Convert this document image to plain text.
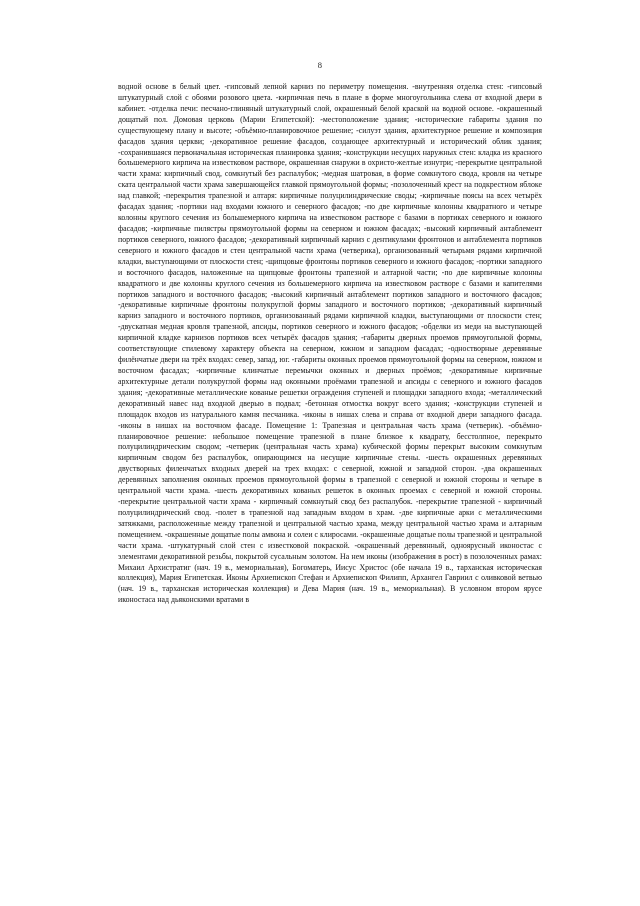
8

водной основе в белый цвет. -гипсовый лепной карниз по периметру помещения. -внутренняя отделка стен: -гипсовый штукатурный слой с обоями розового цвета. -кирпичная печь в плане в форме многоугольника слева от входной двери в кабинет. -отделка печи: песчано-глиняный штукатурный слой, окрашенный белой краской на водной основе. -окрашенный дощатый пол. Домовая церковь (Марии Египетской): -местоположение здания; -исторические габариты здания по существующему плану и высоте; -объёмно-планировочное решение; -силуэт здания, архитектурное решение и композиция фасадов здания церкви; -декоративное решение фасадов, создающее архитектурный и исторический облик здания; -сохранившаяся первоначальная историческая планировка здания; -конструкции несущих наружных стен: кладка из красного большемерного кирпича на известковом растворе, окрашенная снаружи в охристо-желтые изнутри; -перекрытие центральной части храма: кирпичный свод, сомкнутый без распалубок; -медная шатровая, в форме сомкнутого свода, кровля на четыре ската центральной части храма завершающейся главкой прямоугольной формы; -позолоченный крест на подкрестном яблоке над главкой; -перекрытия трапезной и алтаря: кирпичные полуцилиндрические своды; -кирпичные поясы на всех четырёх фасадах здания; -портики над входами южного и северного фасадов; -по две кирпичные колонны квадратного и четыре колонны круглого сечения из большемерного кирпича на известковом растворе с базами в портиках северного и южного фасадов; -кирпичные пилястры прямоугольной формы на северном и южном фасадах; -высокий кирпичный антаблемент портиков северного, южного фасадов; -декоративный кирпичный карниз с дентикулами фронтонов и антаблемента портиков северного и южного фасадов и стен центральной части храма (четверика), организованный четырьмя рядами кирпичной кладки, выступающими от плоскости стен; -щипцовые фронтоны портиков северного и южного фасадов; -портики западного и восточного фасадов, наложенные на щипцовые фронтоны трапезной и алтарной части; -по две кирпичные колонны квадратного и две колонны круглого сечения из большемерного кирпича на известковом растворе с базами и капителями портиков западного и восточного фасадов; -высокий кирпичный антаблемент портиков западного и восточного фасадов; -декоративные кирпичные фронтоны полукруглой формы западного и восточного портиков; -декоративный кирпичный карниз западного и восточного портиков, организованный рядами кирпичной кладки, выступающими от плоскости стен; -двускатная медная кровля трапезной, апсиды, портиков северного и южного фасадов; -обделки из меди на выступающей кирпичной кладке карнизов портиков всех четырёх фасадов здания; -габариты дверных проемов прямоугольной формы, соответствующие стилевому характеру объекта на северном, южном и западном фасадах; -одностворные деревянные филёнчатые двери на трёх входах: север, запад, юг. -габариты оконных проемов прямоугольной формы на северном, южном и восточном фасадах; -кирпичные клинчатые перемычки оконных и дверных проёмов; -декоративные кирпичные архитектурные детали полукруглой формы над оконными проёмами трапезной и апсиды с северного и южного фасадов здания; -декоративные металлические кованые решетки ограждения ступеней и площадки западного входа; -металлический декоративный навес над входной дверью в подвал; -бетонная отмостка вокруг всего здания; -конструкции ступеней и площадок входов из натурального камня песчаника. -иконы в нишах слева и справа от входной двери западного фасада. -иконы в нишах на восточном фасаде. Помещение 1: Трапезная и центральная часть храма (четверик). -объёмно-планировочное решение: небольшое помещение трапезной в плане близкое к квадрату, бесстолпное, перекрыто полуцилиндрическим сводом; -четверик (центральная часть храма) кубической формы перекрыт высоким сомкнутым кирпичным сводом без распалубок, опирающимся на несущие кирпичные стены. -шесть окрашенных деревянных двустворных филенчатых входных дверей на трех входах: с северной, южной и западной сторон. -два окрашенных деревянных заполнения оконных проемов прямоугольной формы в трапезной с северной и южной стороны и четыре в центральной части храма. -шесть декоративных кованых решеток в оконных проемах с северной и южной стороны. -перекрытие центральной части храма - кирпичный сомкнутый свод без распалубок. -перекрытие трапезной - кирпичный полуцилиндрический свод. -полет в трапезной над западным входом в храм. -две кирпичные арки с металлическими затяжками, расположенные между трапезной и центральной частью храма, между центральной частью храма и алтарным помещением. -окрашенные дощатые полы амвона и солеи с клиросами. -окрашенные дощатые полы трапезной и центральной части храма. -штукатурный слой стен с известковой покраской. -окрашенный деревянный, одноярусный иконостас с элементами декоративной резьбы, покрытой сусальным золотом. На нем иконы (изображения в рост) в позолоченных рамах: Михаил Архистратиг (нач. 19 в., мемориальная), Богоматерь, Иисус Христос (обе начала 19 в., тарханская историческая коллекция), Мария Египетская. Иконы Архиепископ Стефан и Архиепископ Филипп, Архангел Гавриил с оливковой ветвью (нач. 19 в., тарханская историческая коллекция) и Дева Мария (нач. 19 в., мемориальная). В условном втором ярусе иконостаса над дьяконскими вратами в
